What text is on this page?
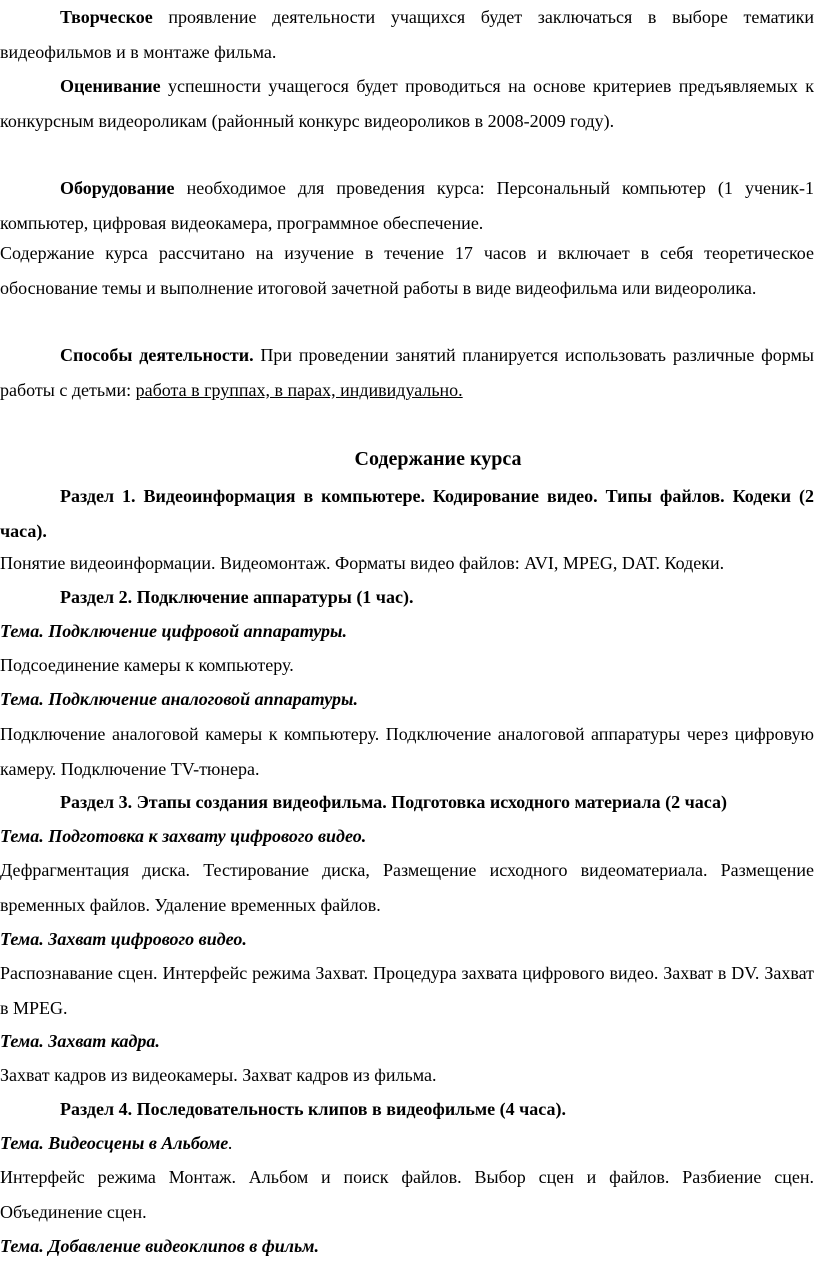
Творческое проявление деятельности учащихся будет заключаться в выборе тематики видеофильмов и в монтаже фильма.

Оценивание успешности учащегося будет проводиться на основе критериев предъявляемых к конкурсным видеороликам (районный конкурс видеороликов в 2008-2009 году).

Оборудование необходимое для проведения курса: Персональный компьютер (1 ученик-1 компьютер, цифровая видеокамера, программное обеспечение.

Содержание курса рассчитано на изучение в течение 17 часов и включает в себя теоретическое обоснование темы и выполнение итоговой зачетной работы в виде видеофильма или видеоролика.

Способы деятельности. При проведении занятий планируется использовать различные формы работы с детьми: работа в группах, в парах, индивидуально.

Содержание курса

Раздел 1. Видеоинформация в компьютере. Кодирование видео. Типы файлов. Кодеки (2 часа).

Понятие видеоинформации. Видеомонтаж. Форматы видео файлов: AVI, MPEG, DAT. Кодеки.

Раздел 2. Подключение аппаратуры (1 час).

Тема. Подключение цифровой аппаратуры.

Подсоединение камеры к компьютеру.

Тема. Подключение аналоговой аппаратуры.

Подключение аналоговой камеры к компьютеру. Подключение аналоговой аппаратуры через цифровую камеру. Подключение TV-тюнера.

Раздел 3. Этапы создания видеофильма. Подготовка исходного материала (2 часа)

Тема. Подготовка к захвату цифрового видео.

Дефрагментация диска. Тестирование диска, Размещение исходного видеоматериала. Размещение временных файлов. Удаление временных файлов.

Тема. Захват цифрового видео.

Распознавание сцен. Интерфейс режима Захват. Процедура захвата цифрового видео. Захват в DV. Захват в MPEG.

Тема. Захват кадра.

Захват кадров из видеокамеры. Захват кадров из фильма.

Раздел 4. Последовательность клипов в видеофильме (4 часа).

Тема. Видеосцены в Альбоме.

Интерфейс режима Монтаж. Альбом и поиск файлов. Выбор сцен и файлов. Разбиение сцен. Объединение сцен.

Тема. Добавление видеоклипов в фильм.
